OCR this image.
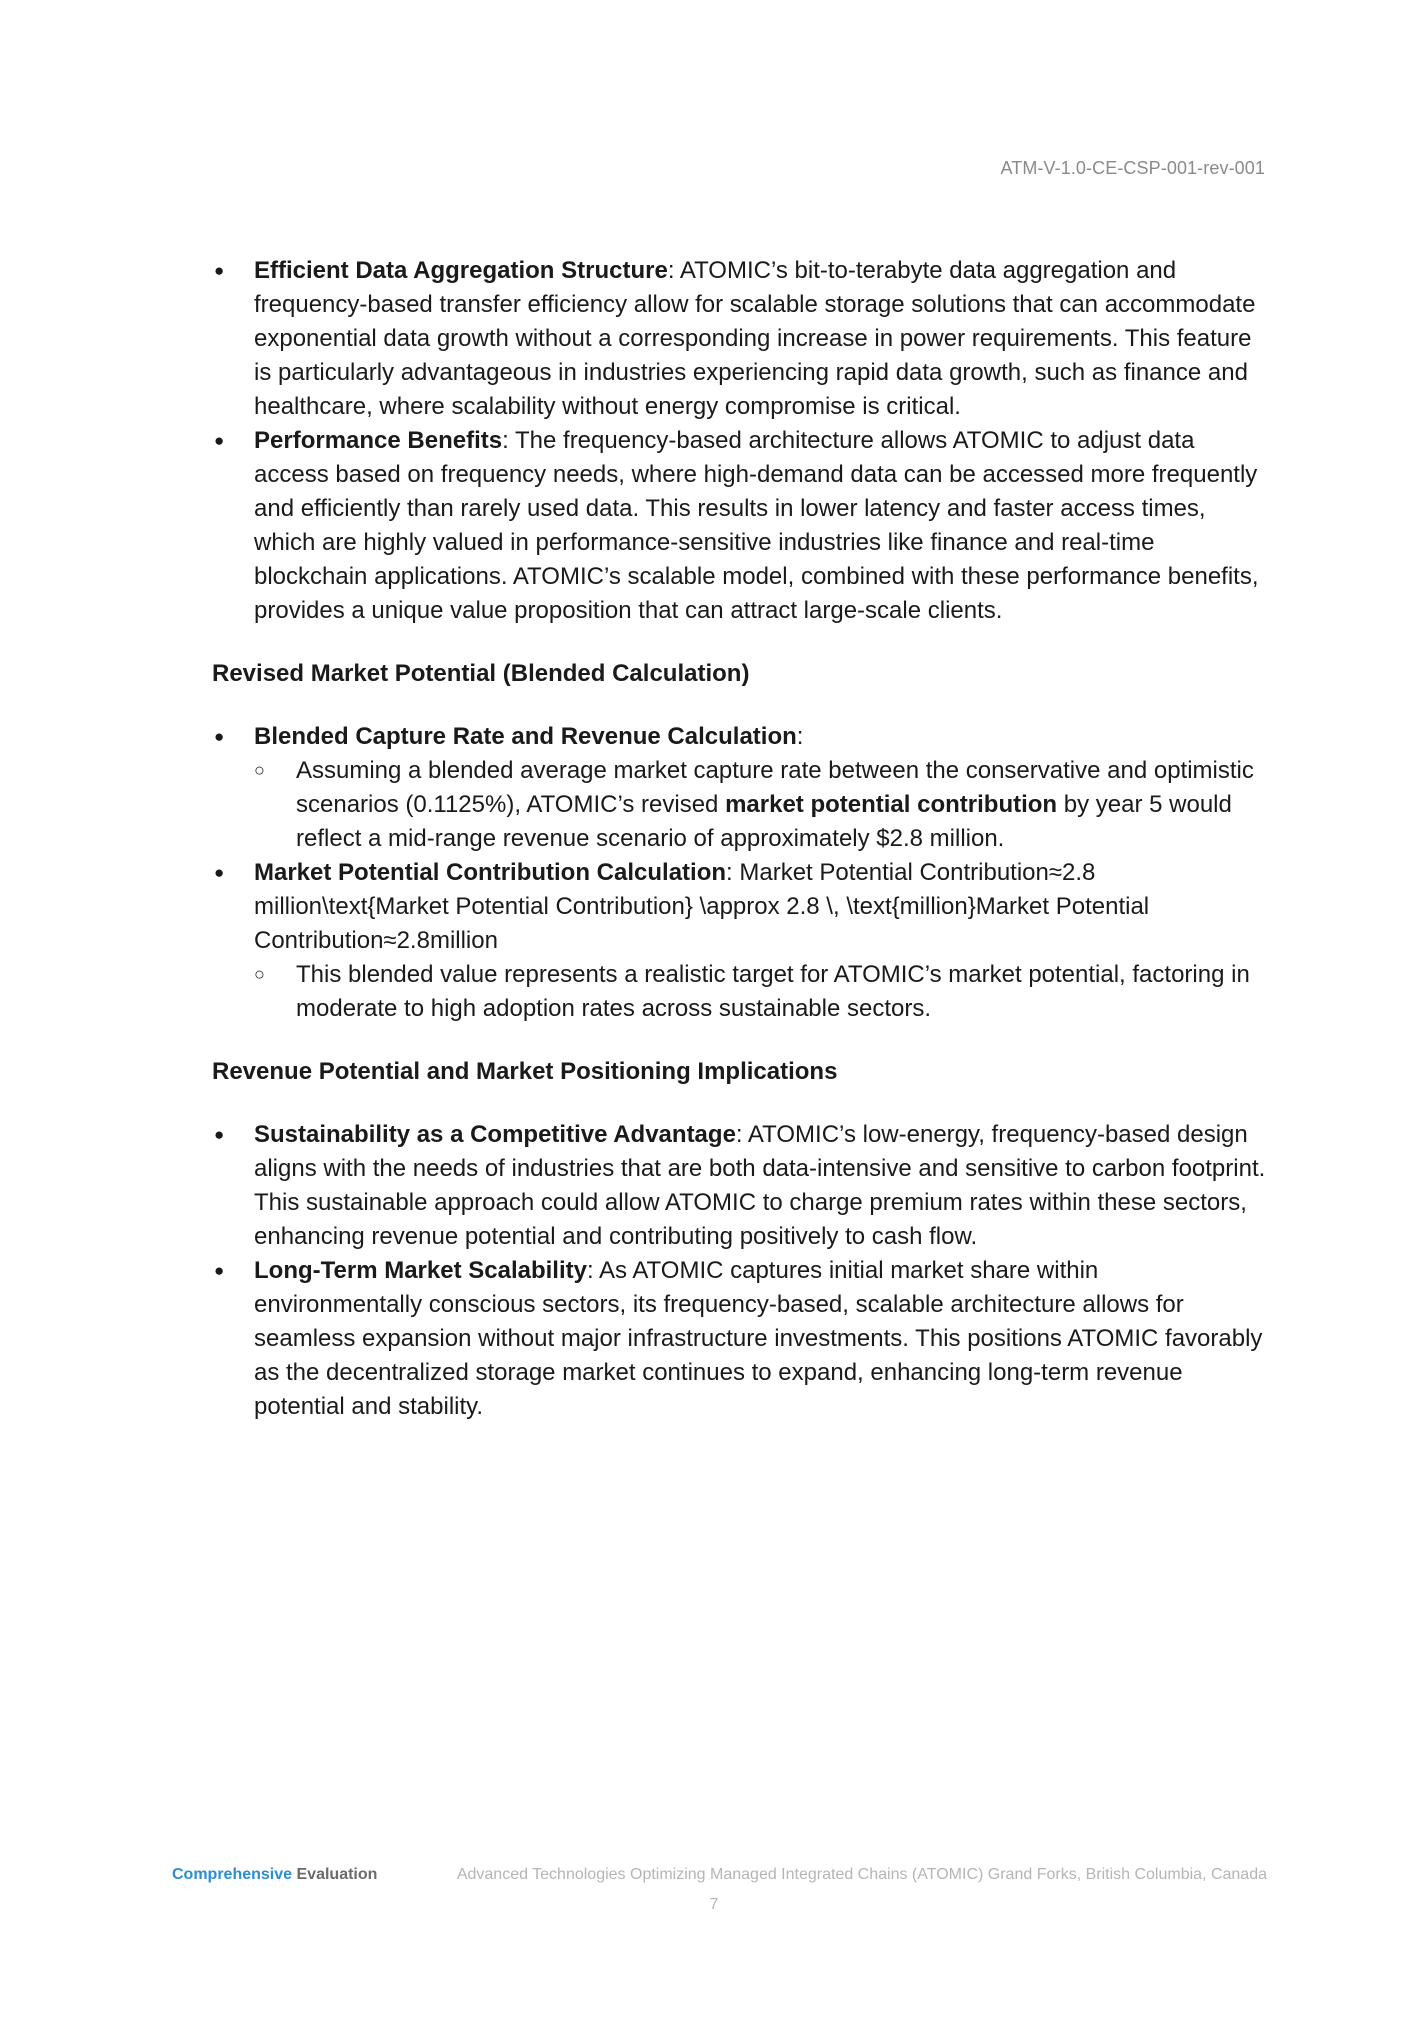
ATM-V-1.0-CE-CSP-001-rev-001
● Efficient Data Aggregation Structure: ATOMIC’s bit-to-terabyte data aggregation and frequency-based transfer efficiency allow for scalable storage solutions that can accommodate exponential data growth without a corresponding increase in power requirements. This feature is particularly advantageous in industries experiencing rapid data growth, such as finance and healthcare, where scalability without energy compromise is critical.
● Performance Benefits: The frequency-based architecture allows ATOMIC to adjust data access based on frequency needs, where high-demand data can be accessed more frequently and efficiently than rarely used data. This results in lower latency and faster access times, which are highly valued in performance-sensitive industries like finance and real-time blockchain applications. ATOMIC’s scalable model, combined with these performance benefits, provides a unique value proposition that can attract large-scale clients.
Revised Market Potential (Blended Calculation)
● Blended Capture Rate and Revenue Calculation:
○ Assuming a blended average market capture rate between the conservative and optimistic scenarios (0.1125%), ATOMIC’s revised market potential contribution by year 5 would reflect a mid-range revenue scenario of approximately $2.8 million.
● Market Potential Contribution Calculation: Market Potential Contribution≈2.8 million\text{Market Potential Contribution} \approx 2.8 \, \text{million}Market Potential Contribution≈2.8million
○ This blended value represents a realistic target for ATOMIC’s market potential, factoring in moderate to high adoption rates across sustainable sectors.
Revenue Potential and Market Positioning Implications
● Sustainability as a Competitive Advantage: ATOMIC’s low-energy, frequency-based design aligns with the needs of industries that are both data-intensive and sensitive to carbon footprint. This sustainable approach could allow ATOMIC to charge premium rates within these sectors, enhancing revenue potential and contributing positively to cash flow.
● Long-Term Market Scalability: As ATOMIC captures initial market share within environmentally conscious sectors, its frequency-based, scalable architecture allows for seamless expansion without major infrastructure investments. This positions ATOMIC favorably as the decentralized storage market continues to expand, enhancing long-term revenue potential and stability.
Comprehensive Evaluation	Advanced Technologies Optimizing Managed Integrated Chains (ATOMIC) Grand Forks, British Columbia, Canada
7
